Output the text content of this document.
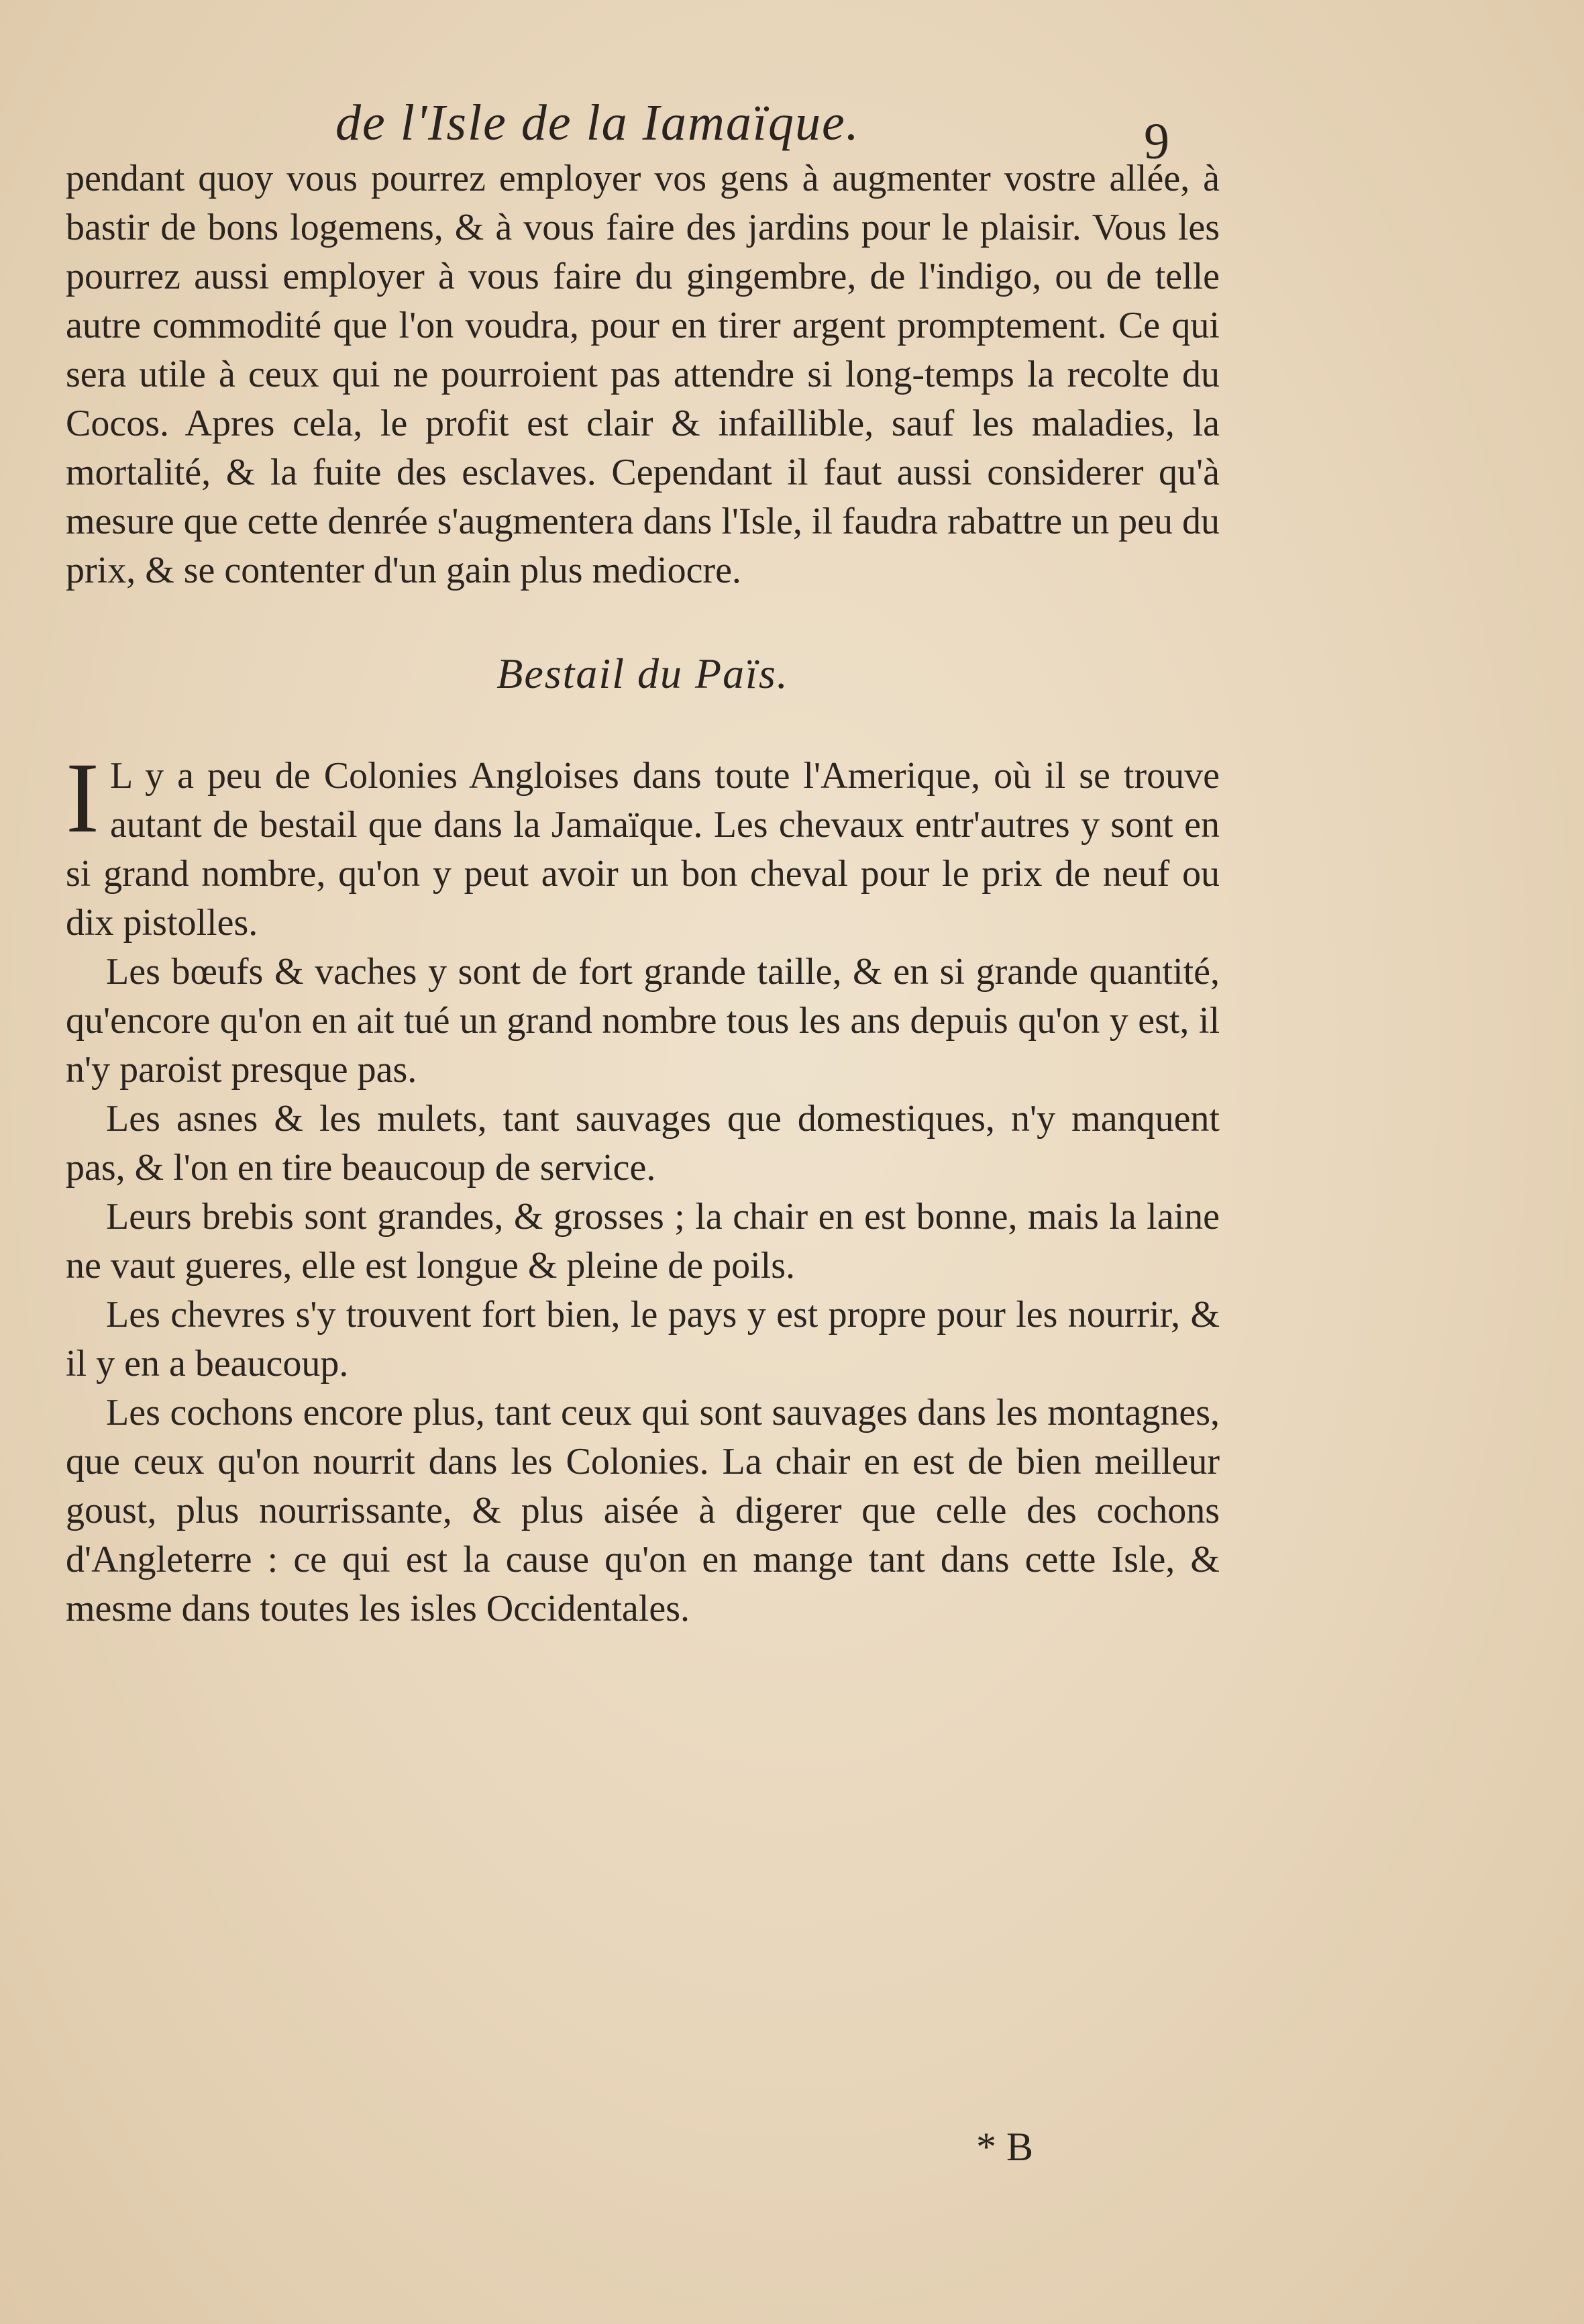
de l'Isle de la Iamaïque.	9

pendant quoy vous pourrez employer vos gens à augmenter vostre allée, à bastir de bons logemens, & à vous faire des jardins pour le plaisir. Vous les pourrez aussi employer à vous faire du gingembre, de l'indigo, ou de telle autre commodité que l'on voudra, pour en tirer argent promptement. Ce qui sera utile à ceux qui ne pourroient pas attendre si long-temps la recolte du Cocos. Apres cela, le profit est clair & infaillible, sauf les maladies, la mortalité, & la fuite des esclaves. Cependant il faut aussi considerer qu'à mesure que cette denrée s'augmentera dans l'Isle, il faudra rabattre un peu du prix, & se contenter d'un gain plus mediocre.

Bestail du Païs.

I L y a peu de Colonies Angloises dans toute l'Amerique, où il se trouve autant de bestail que dans la Jamaïque. Les chevaux entr'autres y sont en si grand nombre, qu'on y peut avoir un bon cheval pour le prix de neuf ou dix pistolles.

Les bœufs & vaches y sont de fort grande taille, & en si grande quantité, qu'encore qu'on en ait tué un grand nombre tous les ans depuis qu'on y est, il n'y paroist presque pas.

Les asnes & les mulets, tant sauvages que domestiques, n'y manquent pas, & l'on en tire beaucoup de service.

Leurs brebis sont grandes, & grosses ; la chair en est bonne, mais la laine ne vaut gueres, elle est longue & pleine de poils.

Les chevres s'y trouvent fort bien, le pays y est propre pour les nourrir, & il y en a beaucoup.

Les cochons encore plus, tant ceux qui sont sauvages dans les montagnes, que ceux qu'on nourrit dans les Colonies. La chair en est de bien meilleur goust, plus nourrissante, & plus aisée à digerer que celle des cochons d'Angleterre : ce qui est la cause qu'on en mange tant dans cette Isle, & mesme dans toutes les isles Occidentales.

* B
